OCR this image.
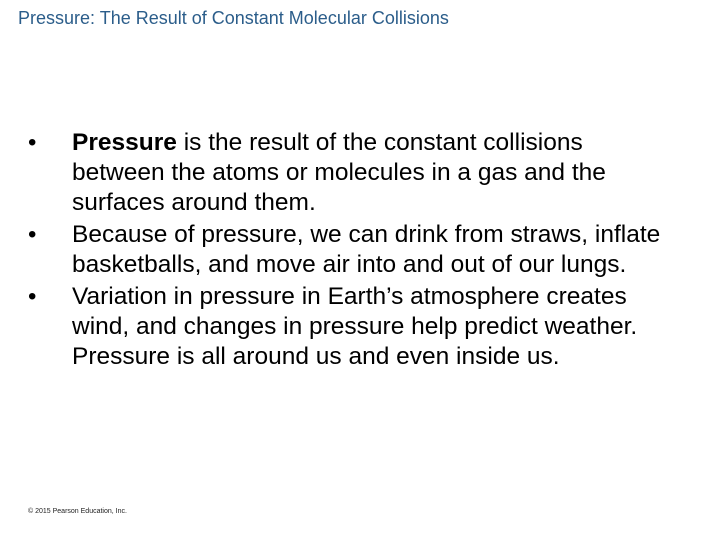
Pressure: The Result of Constant Molecular Collisions
• Pressure is the result of the constant collisions between the atoms or molecules in a gas and the surfaces around them.
• Because of pressure, we can drink from straws, inflate basketballs, and move air into and out of our lungs.
• Variation in pressure in Earth’s atmosphere creates wind, and changes in pressure help predict weather. Pressure is all around us and even inside us.
© 2015 Pearson Education, Inc.
